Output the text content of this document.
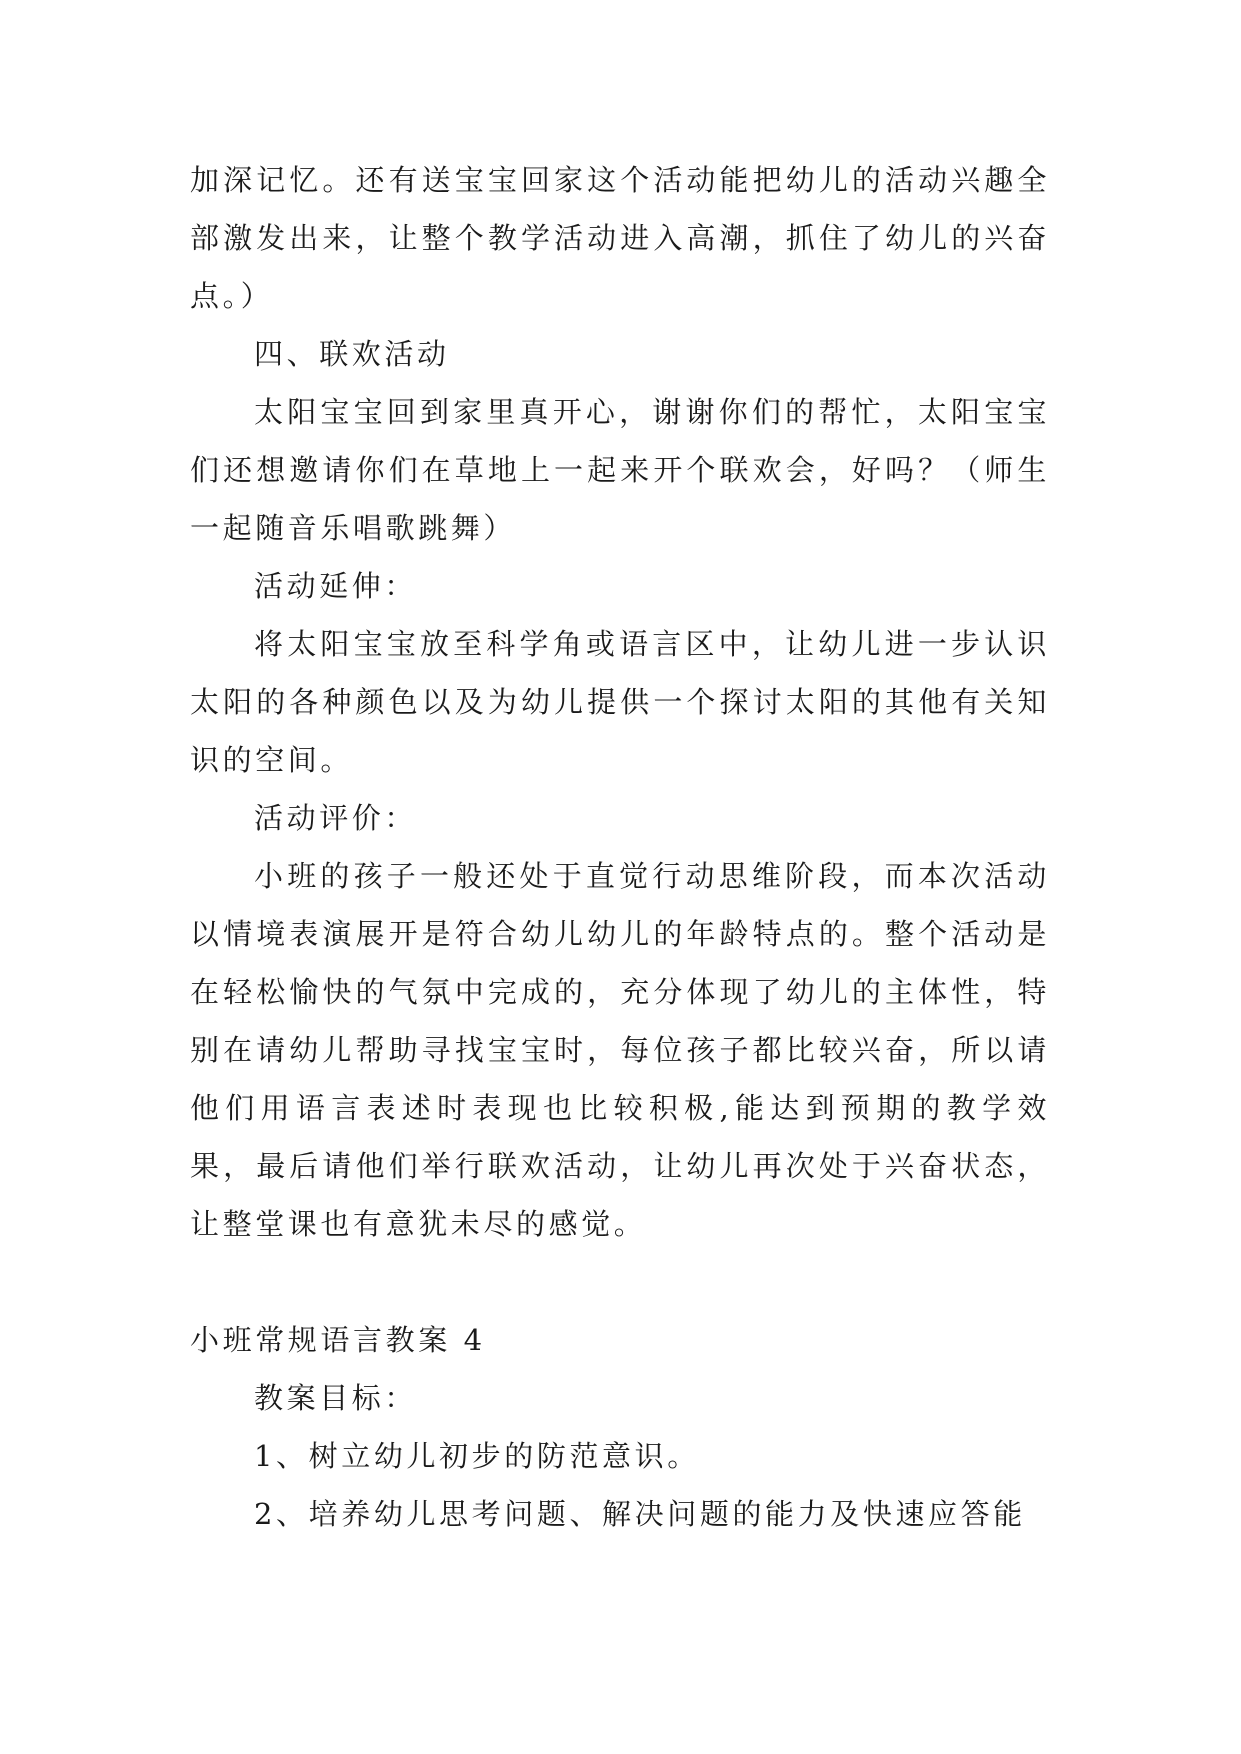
加深记忆。还有送宝宝回家这个活动能把幼儿的活动兴趣全部激发出来，让整个教学活动进入高潮，抓住了幼儿的兴奋点。）

四、联欢活动

太阳宝宝回到家里真开心，谢谢你们的帮忙，太阳宝宝们还想邀请你们在草地上一起来开个联欢会，好吗？（师生一起随音乐唱歌跳舞）

活动延伸：

将太阳宝宝放至科学角或语言区中，让幼儿进一步认识太阳的各种颜色以及为幼儿提供一个探讨太阳的其他有关知识的空间。

活动评价：

小班的孩子一般还处于直觉行动思维阶段，而本次活动以情境表演展开是符合幼儿幼儿的年龄特点的。整个活动是在轻松愉快的气氛中完成的，充分体现了幼儿的主体性，特别在请幼儿帮助寻找宝宝时，每位孩子都比较兴奋，所以请他们用语言表述时表现也比较积极,能达到预期的教学效果，最后请他们举行联欢活动，让幼儿再次处于兴奋状态，让整堂课也有意犹未尽的感觉。

小班常规语言教案 4

教案目标：

1、树立幼儿初步的防范意识。

2、培养幼儿思考问题、解决问题的能力及快速应答能
